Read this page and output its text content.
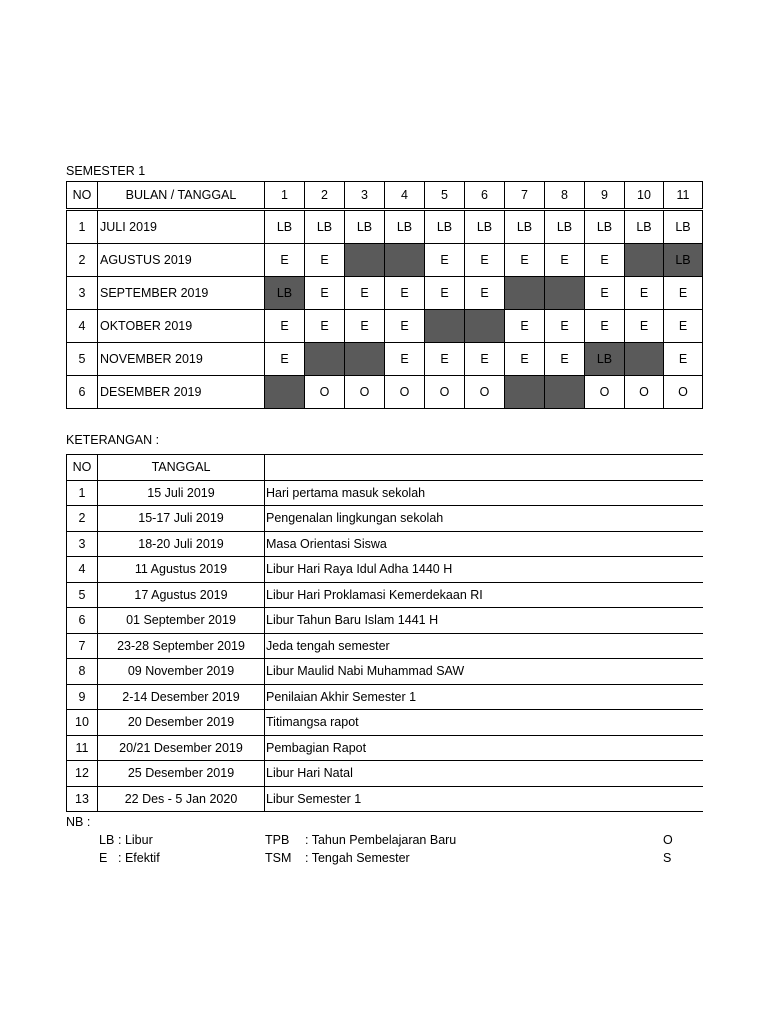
SEMESTER 1
NO	BULAN / TANGGAL	1	2	3	4	5	6	7	8	9	10	11
1	JULI 2019	LB	LB	LB	LB	LB	LB	LB	LB	LB	LB	LB
2	AGUSTUS 2019	E	E			E	E	E	E	E		LB
3	SEPTEMBER 2019	LB	E	E	E	E	E			E	E	E
4	OKTOBER 2019	E	E	E	E			E	E	E	E	E
5	NOVEMBER 2019	E			E	E	E	E	E	LB		E
6	DESEMBER 2019		O	O	O	O	O			O	O	O
KETERANGAN :
NO	TANGGAL	
1	15 Juli 2019	Hari pertama masuk sekolah
2	15-17 Juli 2019	Pengenalan lingkungan sekolah
3	18-20 Juli 2019	Masa Orientasi Siswa
4	11 Agustus 2019	Libur Hari Raya Idul Adha 1440 H
5	17 Agustus 2019	Libur Hari Proklamasi Kemerdekaan RI
6	01 September 2019	Libur Tahun Baru Islam 1441 H
7	23-28 September 2019	Jeda tengah semester
8	09 November 2019	Libur Maulid Nabi Muhammad SAW
9	2-14 Desember 2019	Penilaian Akhir Semester 1
10	20 Desember 2019	Titimangsa rapot
11	20/21 Desember 2019	Pembagian Rapot
12	25 Desember 2019	Libur Hari Natal
13	22 Des - 5 Jan 2020	Libur Semester 1
NB :
LB : Libur	TPB : Tahun Pembelajaran Baru	O
E : Efektif	TSM : Tengah Semester	S
